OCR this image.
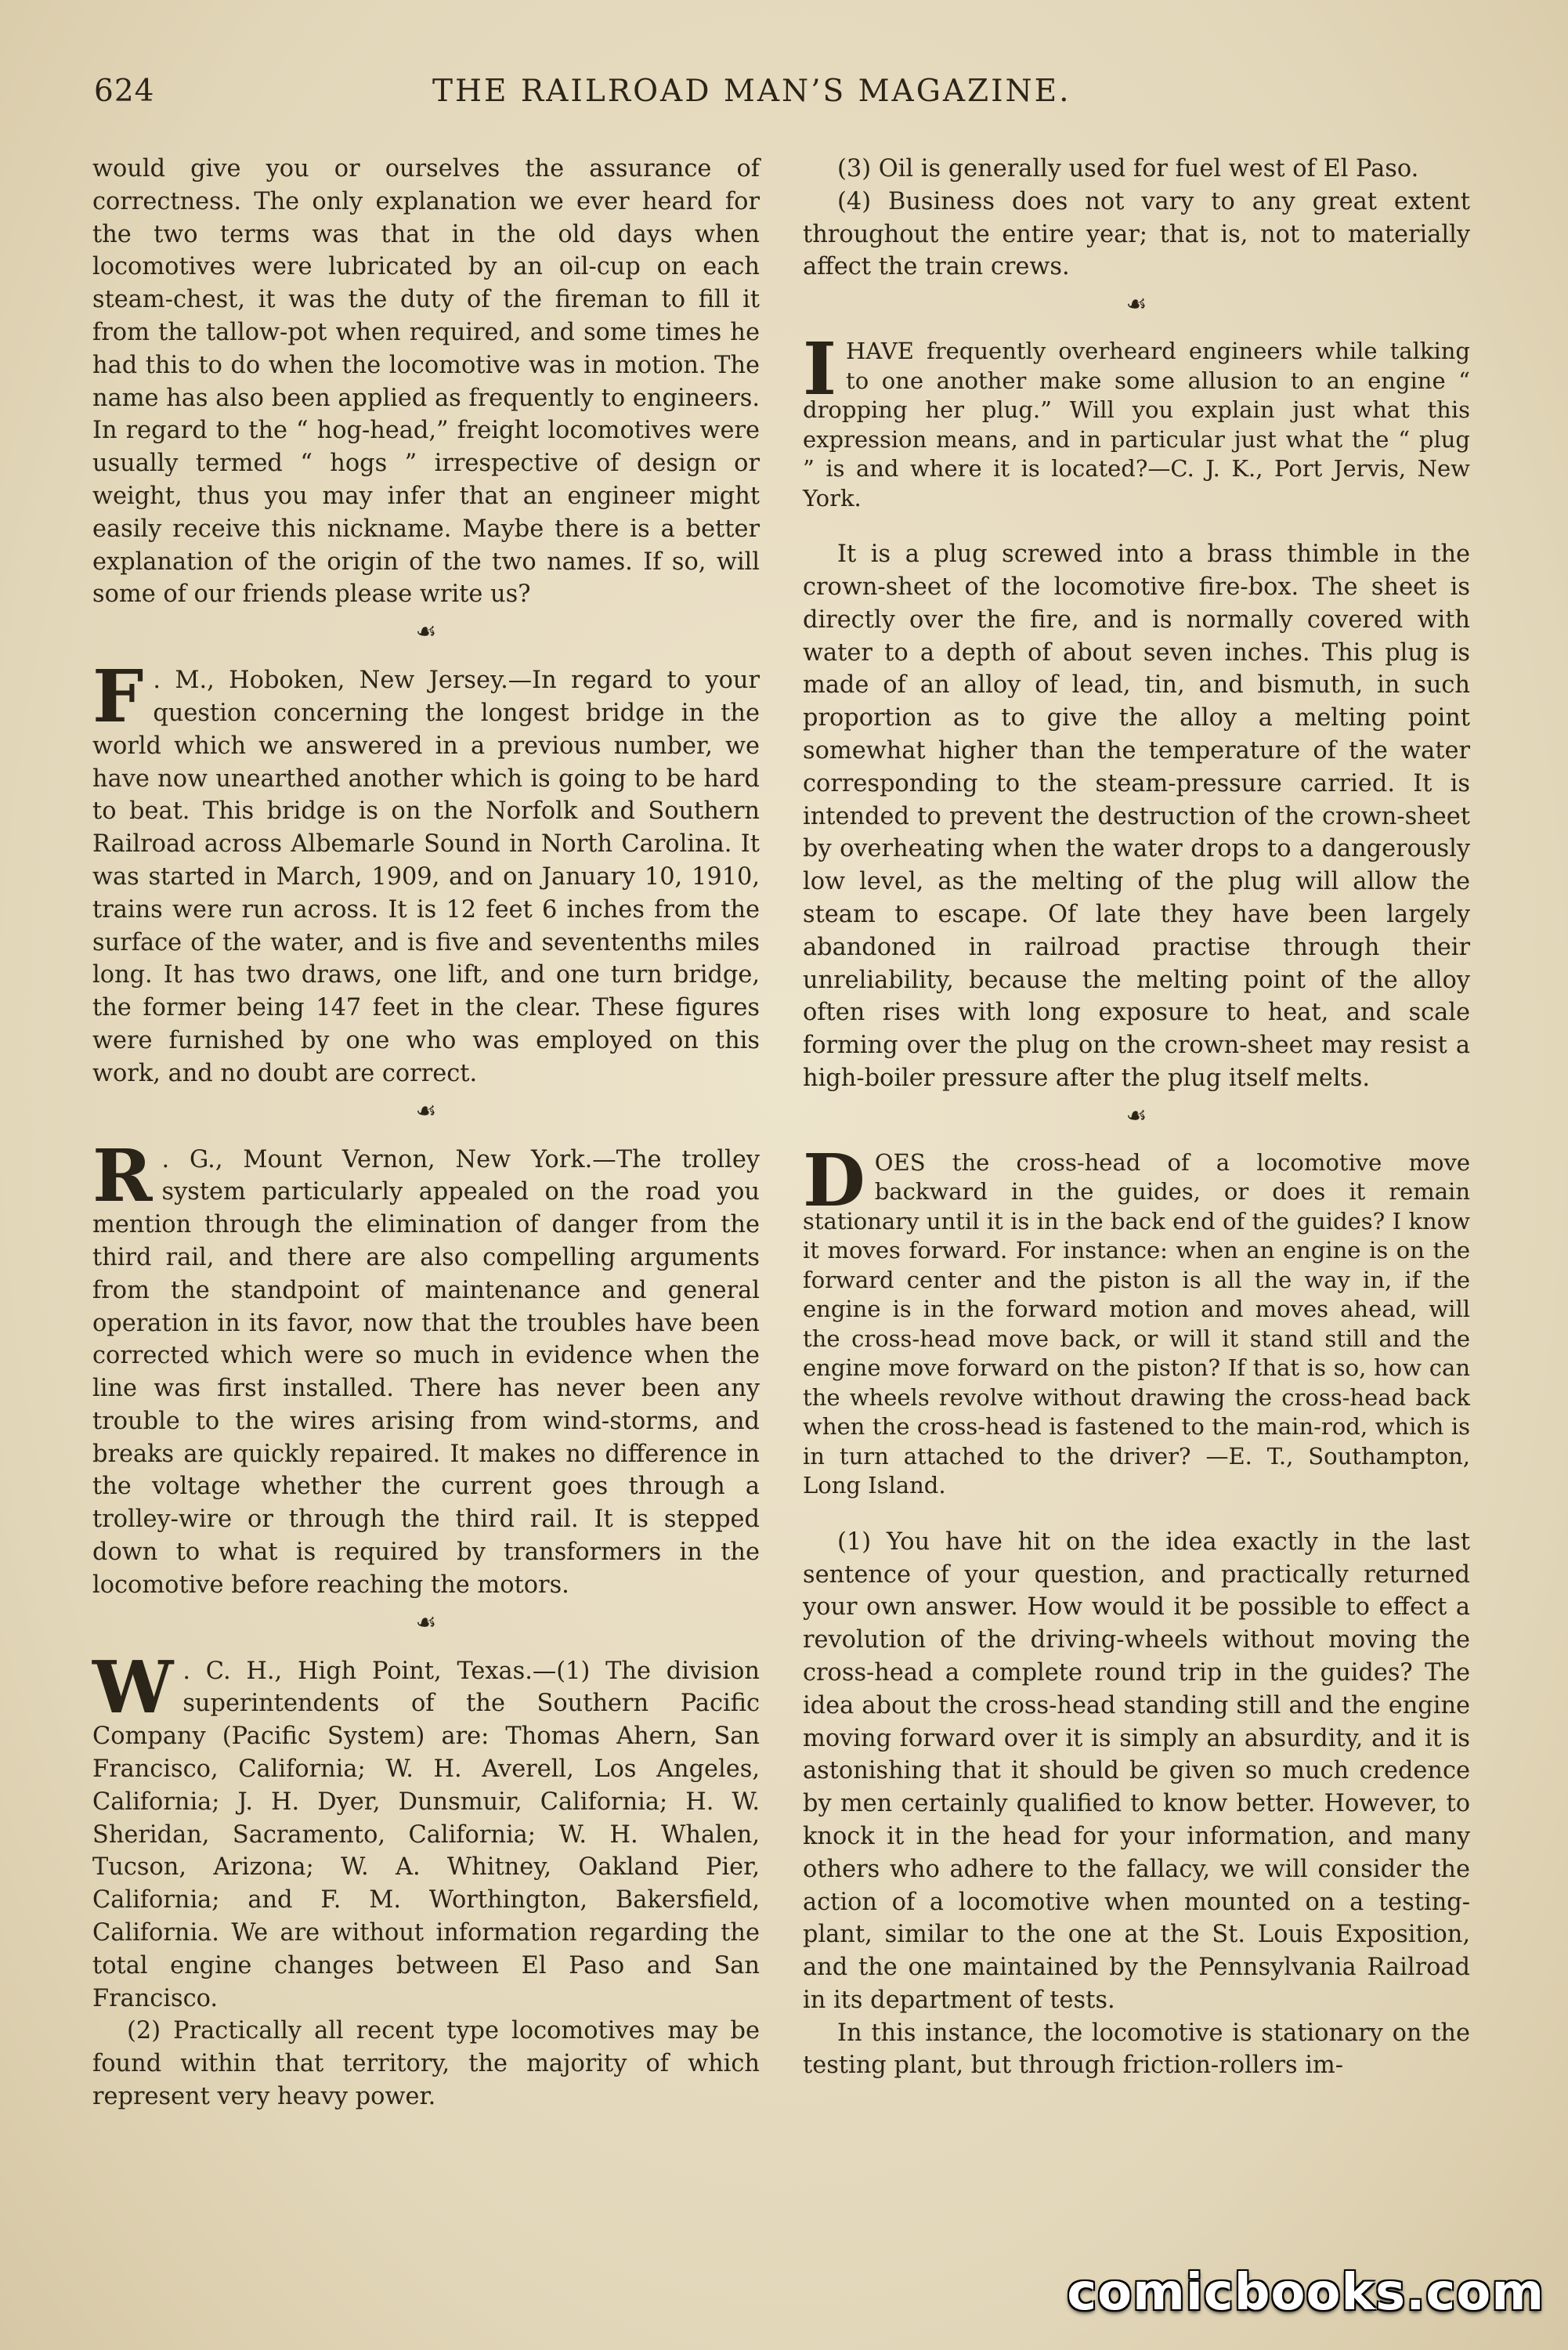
624	THE RAILROAD MAN’S MAGAZINE.

would give you or ourselves the assurance of correctness. The only explanation we ever heard for the two terms was that in the old days when locomotives were lubricated by an oil-cup on each steam-chest, it was the duty of the fireman to fill it from the tallow-pot when required, and some times he had this to do when the locomotive was in motion. The name has also been applied as frequently to engineers. In regard to the “ hog-head,” freight locomotives were usually termed “ hogs ” irrespective of design or weight, thus you may infer that an engineer might easily receive this nickname. Maybe there is a better explanation of the origin of the two names. If so, will some of our friends please write us?

☙

F . M., Hoboken, New Jersey.—In regard to your question concerning the longest bridge in the world which we answered in a previous number, we have now unearthed another which is going to be hard to beat. This bridge is on the Norfolk and Southern Railroad across Albemarle Sound in North Carolina. It was started in March, 1909, and on January 10, 1910, trains were run across. It is 12 feet 6 inches from the surface of the water, and is five and seventenths miles long. It has two draws, one lift, and one turn bridge, the former being 147 feet in the clear. These figures were furnished by one who was employed on this work, and no doubt are correct.

☙

R . G., Mount Vernon, New York.—The trolley system particularly appealed on the road you mention through the elimination of danger from the third rail, and there are also compelling arguments from the standpoint of maintenance and general operation in its favor, now that the troubles have been corrected which were so much in evidence when the line was first installed. There has never been any trouble to the wires arising from wind-storms, and breaks are quickly repaired. It makes no difference in the voltage whether the current goes through a trolley-wire or through the third rail. It is stepped down to what is required by transformers in the locomotive before reaching the motors.

☙

W . C. H., High Point, Texas.—(1) The division superintendents of the Southern Pacific Company (Pacific System) are: Thomas Ahern, San Francisco, California; W. H. Averell, Los Angeles, California; J. H. Dyer, Dunsmuir, California; H. W. Sheridan, Sacramento, California; W. H. Whalen, Tucson, Arizona; W. A. Whitney, Oakland Pier, California; and F. M. Worthington, Bakersfield, California. We are without information regarding the total engine changes between El Paso and San Francisco.

(2) Practically all recent type locomotives may be found within that territory, the majority of which represent very heavy power.

(3) Oil is generally used for fuel west of El Paso.

(4) Business does not vary to any great extent throughout the entire year; that is, not to materially affect the train crews.

☙

IHAVE frequently overheard engineers while talking to one another make some allusion to an engine “ dropping her plug.” Will you explain just what this expression means, and in particular just what the “ plug ” is and where it is located?—C. J. K., Port Jervis, New York.

It is a plug screwed into a brass thimble in the crown-sheet of the locomotive fire-box. The sheet is directly over the fire, and is normally covered with water to a depth of about seven inches. This plug is made of an alloy of lead, tin, and bismuth, in such proportion as to give the alloy a melting point somewhat higher than the temperature of the water corresponding to the steam-pressure carried. It is intended to prevent the destruction of the crown-sheet by overheating when the water drops to a dangerously low level, as the melting of the plug will allow the steam to escape. Of late they have been largely abandoned in railroad practise through their unreliability, because the melting point of the alloy often rises with long exposure to heat, and scale forming over the plug on the crown-sheet may resist a high-boiler pressure after the plug itself melts.

☙

DOES the cross-head of a locomotive move backward in the guides, or does it remain stationary until it is in the back end of the guides? I know it moves forward. For instance: when an engine is on the forward center and the piston is all the way in, if the engine is in the forward motion and moves ahead, will the cross-head move back, or will it stand still and the engine move forward on the piston? If that is so, how can the wheels revolve without drawing the cross-head back when the cross-head is fastened to the main-rod, which is in turn attached to the driver? —E. T., Southampton, Long Island.

(1) You have hit on the idea exactly in the last sentence of your question, and practically returned your own answer. How would it be possible to effect a revolution of the driving-wheels without moving the cross-head a complete round trip in the guides? The idea about the cross-head standing still and the engine moving forward over it is simply an absurdity, and it is astonishing that it should be given so much credence by men certainly qualified to know better. However, to knock it in the head for your information, and many others who adhere to the fallacy, we will consider the action of a locomotive when mounted on a testing-plant, similar to the one at the St. Louis Exposition, and the one maintained by the Pennsylvania Railroad in its department of tests.

In this instance, the locomotive is stationary on the testing plant, but through friction-rollers im-

comicbooks.com
